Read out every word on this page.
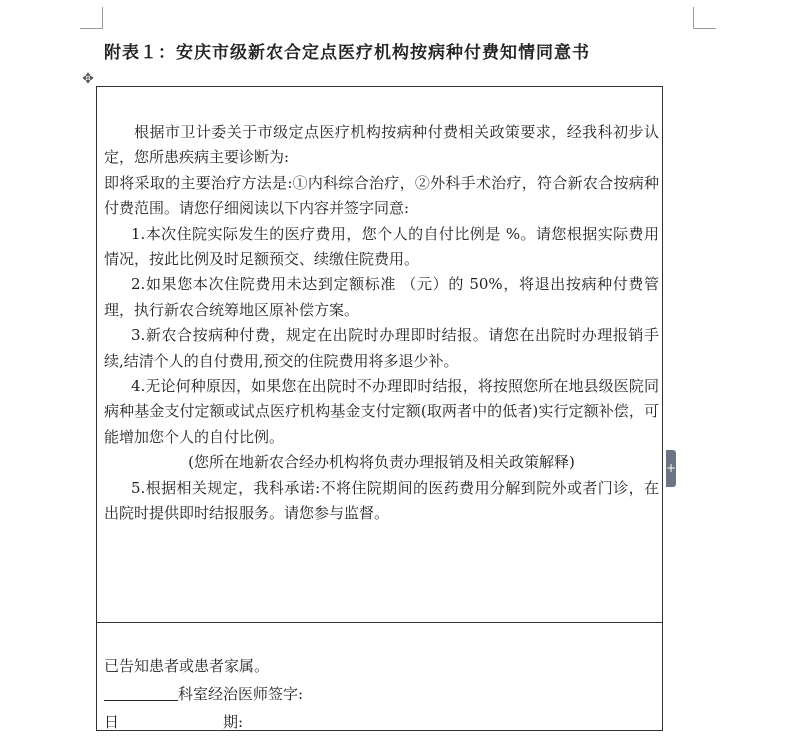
附表１：安庆市级新农合定点医疗机构按病种付费知情同意书
✥

根据市卫计委关于市级定点医疗机构按病种付费相关政策要求，经我科初步认定，您所患疾病主要诊断为:

即将采取的主要治疗方法是:①内科综合治疗，②外科手术治疗，符合新农合按病种付费范围。请您仔细阅读以下内容并签字同意:

1.本次住院实际发生的医疗费用，您个人的自付比例是 %。请您根据实际费用情况，按此比例及时足额预交、续缴住院费用。

2.如果您本次住院费用未达到定额标准 （元）的 50%，将退出按病种付费管理，执行新农合统筹地区原补偿方案。

3.新农合按病种付费，规定在出院时办理即时结报。请您在出院时办理报销手续,结清个人的自付费用,预交的住院费用将多退少补。

4.无论何种原因，如果您在出院时不办理即时结报，将按照您所在地县级医院同病种基金支付定额或试点医疗机构基金支付定额(取两者中的低者)实行定额补偿，可能增加您个人的自付比例。

(您所在地新农合经办机构将负责办理报销及相关政策解释)

5.根据相关规定，我科承诺:不将住院期间的医药费用分解到院外或者门诊，在出院时提供即时结报服务。请您参与监督。

+

已告知患者或患者家属。

科室经治医师签字:

日	期:
